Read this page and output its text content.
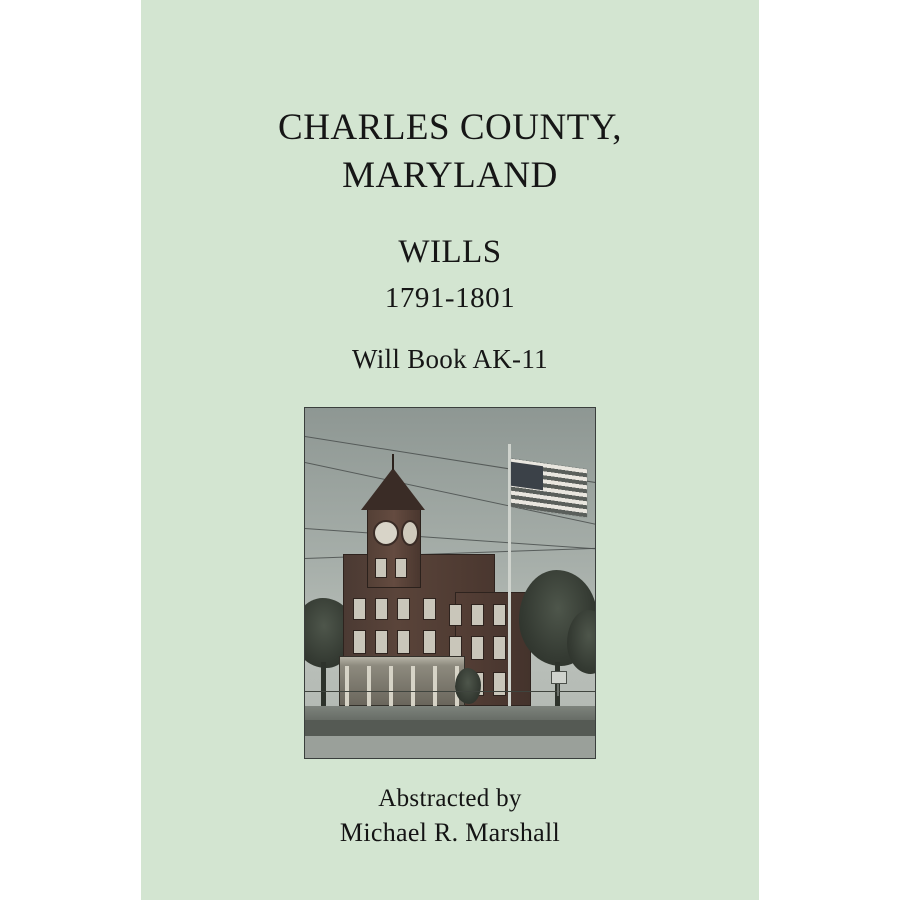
CHARLES COUNTY,
MARYLAND
WILLS
1791-1801
Will Book AK-11
Abstracted by
Michael R. Marshall
